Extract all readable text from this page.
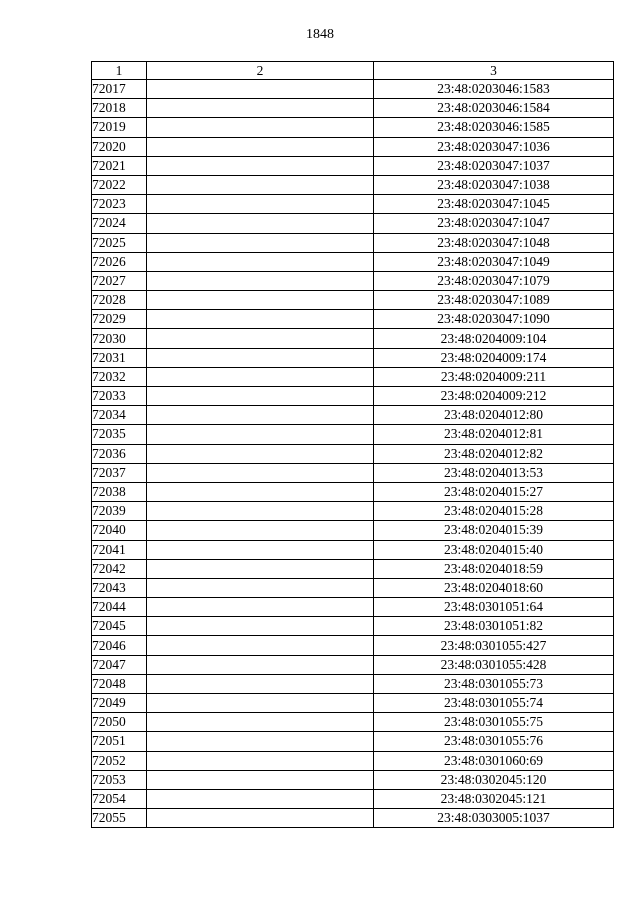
1848
1	2	3
72017		23:48:0203046:1583
72018		23:48:0203046:1584
72019		23:48:0203046:1585
72020		23:48:0203047:1036
72021		23:48:0203047:1037
72022		23:48:0203047:1038
72023		23:48:0203047:1045
72024		23:48:0203047:1047
72025		23:48:0203047:1048
72026		23:48:0203047:1049
72027		23:48:0203047:1079
72028		23:48:0203047:1089
72029		23:48:0203047:1090
72030		23:48:0204009:104
72031		23:48:0204009:174
72032		23:48:0204009:211
72033		23:48:0204009:212
72034		23:48:0204012:80
72035		23:48:0204012:81
72036		23:48:0204012:82
72037		23:48:0204013:53
72038		23:48:0204015:27
72039		23:48:0204015:28
72040		23:48:0204015:39
72041		23:48:0204015:40
72042		23:48:0204018:59
72043		23:48:0204018:60
72044		23:48:0301051:64
72045		23:48:0301051:82
72046		23:48:0301055:427
72047		23:48:0301055:428
72048		23:48:0301055:73
72049		23:48:0301055:74
72050		23:48:0301055:75
72051		23:48:0301055:76
72052		23:48:0301060:69
72053		23:48:0302045:120
72054		23:48:0302045:121
72055		23:48:0303005:1037
